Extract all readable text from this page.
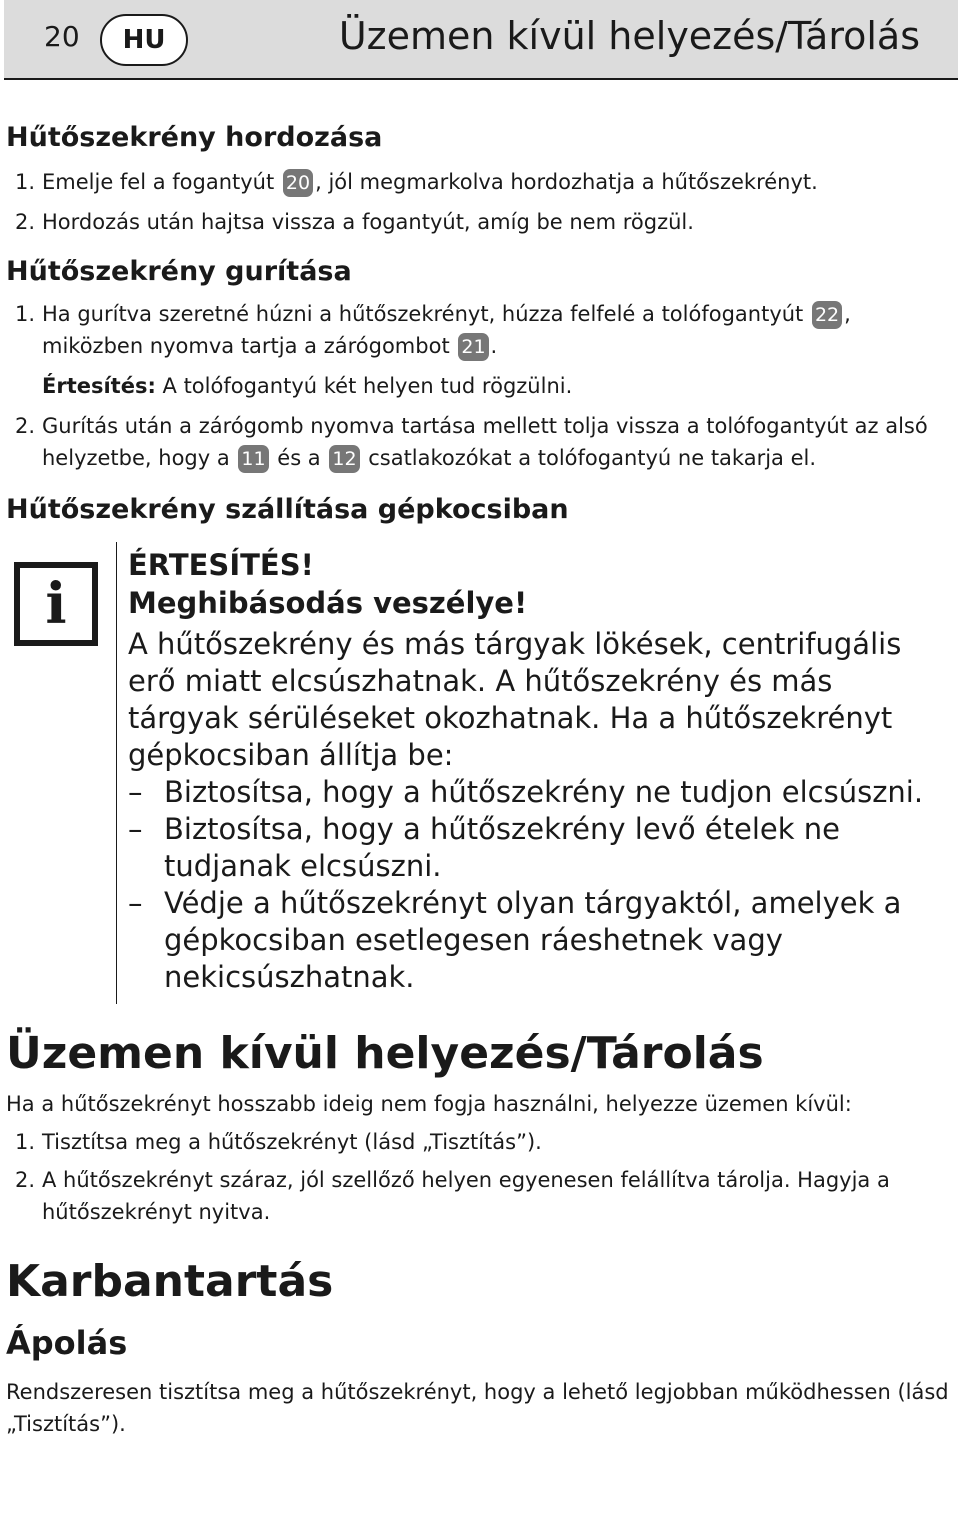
20	HU	Üzemen kívül helyezés/Tárolás
Hűtőszekrény hordozása

1. Emelje fel a fogantyút 20 , jól megmarkolva hordozhatja a hűtőszekrényt.

2. Hordozás után hajtsa vissza a fogantyút, amíg be nem rögzül.

Hűtőszekrény gurítása

1. Ha gurítva szeretné húzni a hűtőszekrényt, húzza felfelé a tolófogantyút 22 , miközben nyomva tartja a zárógombot 21 .

Értesítés: A tolófogantyú két helyen tud rögzülni.

2. Gurítás után a zárógomb nyomva tartása mellett tolja vissza a tolófogantyút az alsó helyzetbe, hogy a 11 és a 12 csatlakozókat a tolófogantyú ne takarja el.

Hűtőszekrény szállítása gépkocsiban
i

ÉRTESÍTÉS!

Meghibásodás veszélye!

A hűtőszekrény és más tárgyak lökések, centrifugális erő miatt elcsúszhatnak. A hűtőszekrény és más tárgyak sérüléseket okozhatnak. Ha a hűtőszekrényt gépkocsiban állítja be:

– Biztosítsa, hogy a hűtőszekrény ne tudjon elcsúszni.

– Biztosítsa, hogy a hűtőszekrény levő ételek ne tudjanak elcsúszni.

– Védje a hűtőszekrényt olyan tárgyaktól, amelyek a gépkocsiban esetlegesen ráeshetnek vagy nekicsúszhatnak.

Üzemen kívül helyezés/Tárolás

Ha a hűtőszekrényt hosszabb ideig nem fogja használni, helyezze üzemen kívül:

1. Tisztítsa meg a hűtőszekrényt (lásd „Tisztítás”).

2. A hűtőszekrényt száraz, jól szellőző helyen egyenesen felállítva tárolja. Hagyja a hűtőszekrényt nyitva.

Karbantartás
Ápolás

Rendszeresen tisztítsa meg a hűtőszekrényt, hogy a lehető legjobban működhessen (lásd „Tisztítás”).
